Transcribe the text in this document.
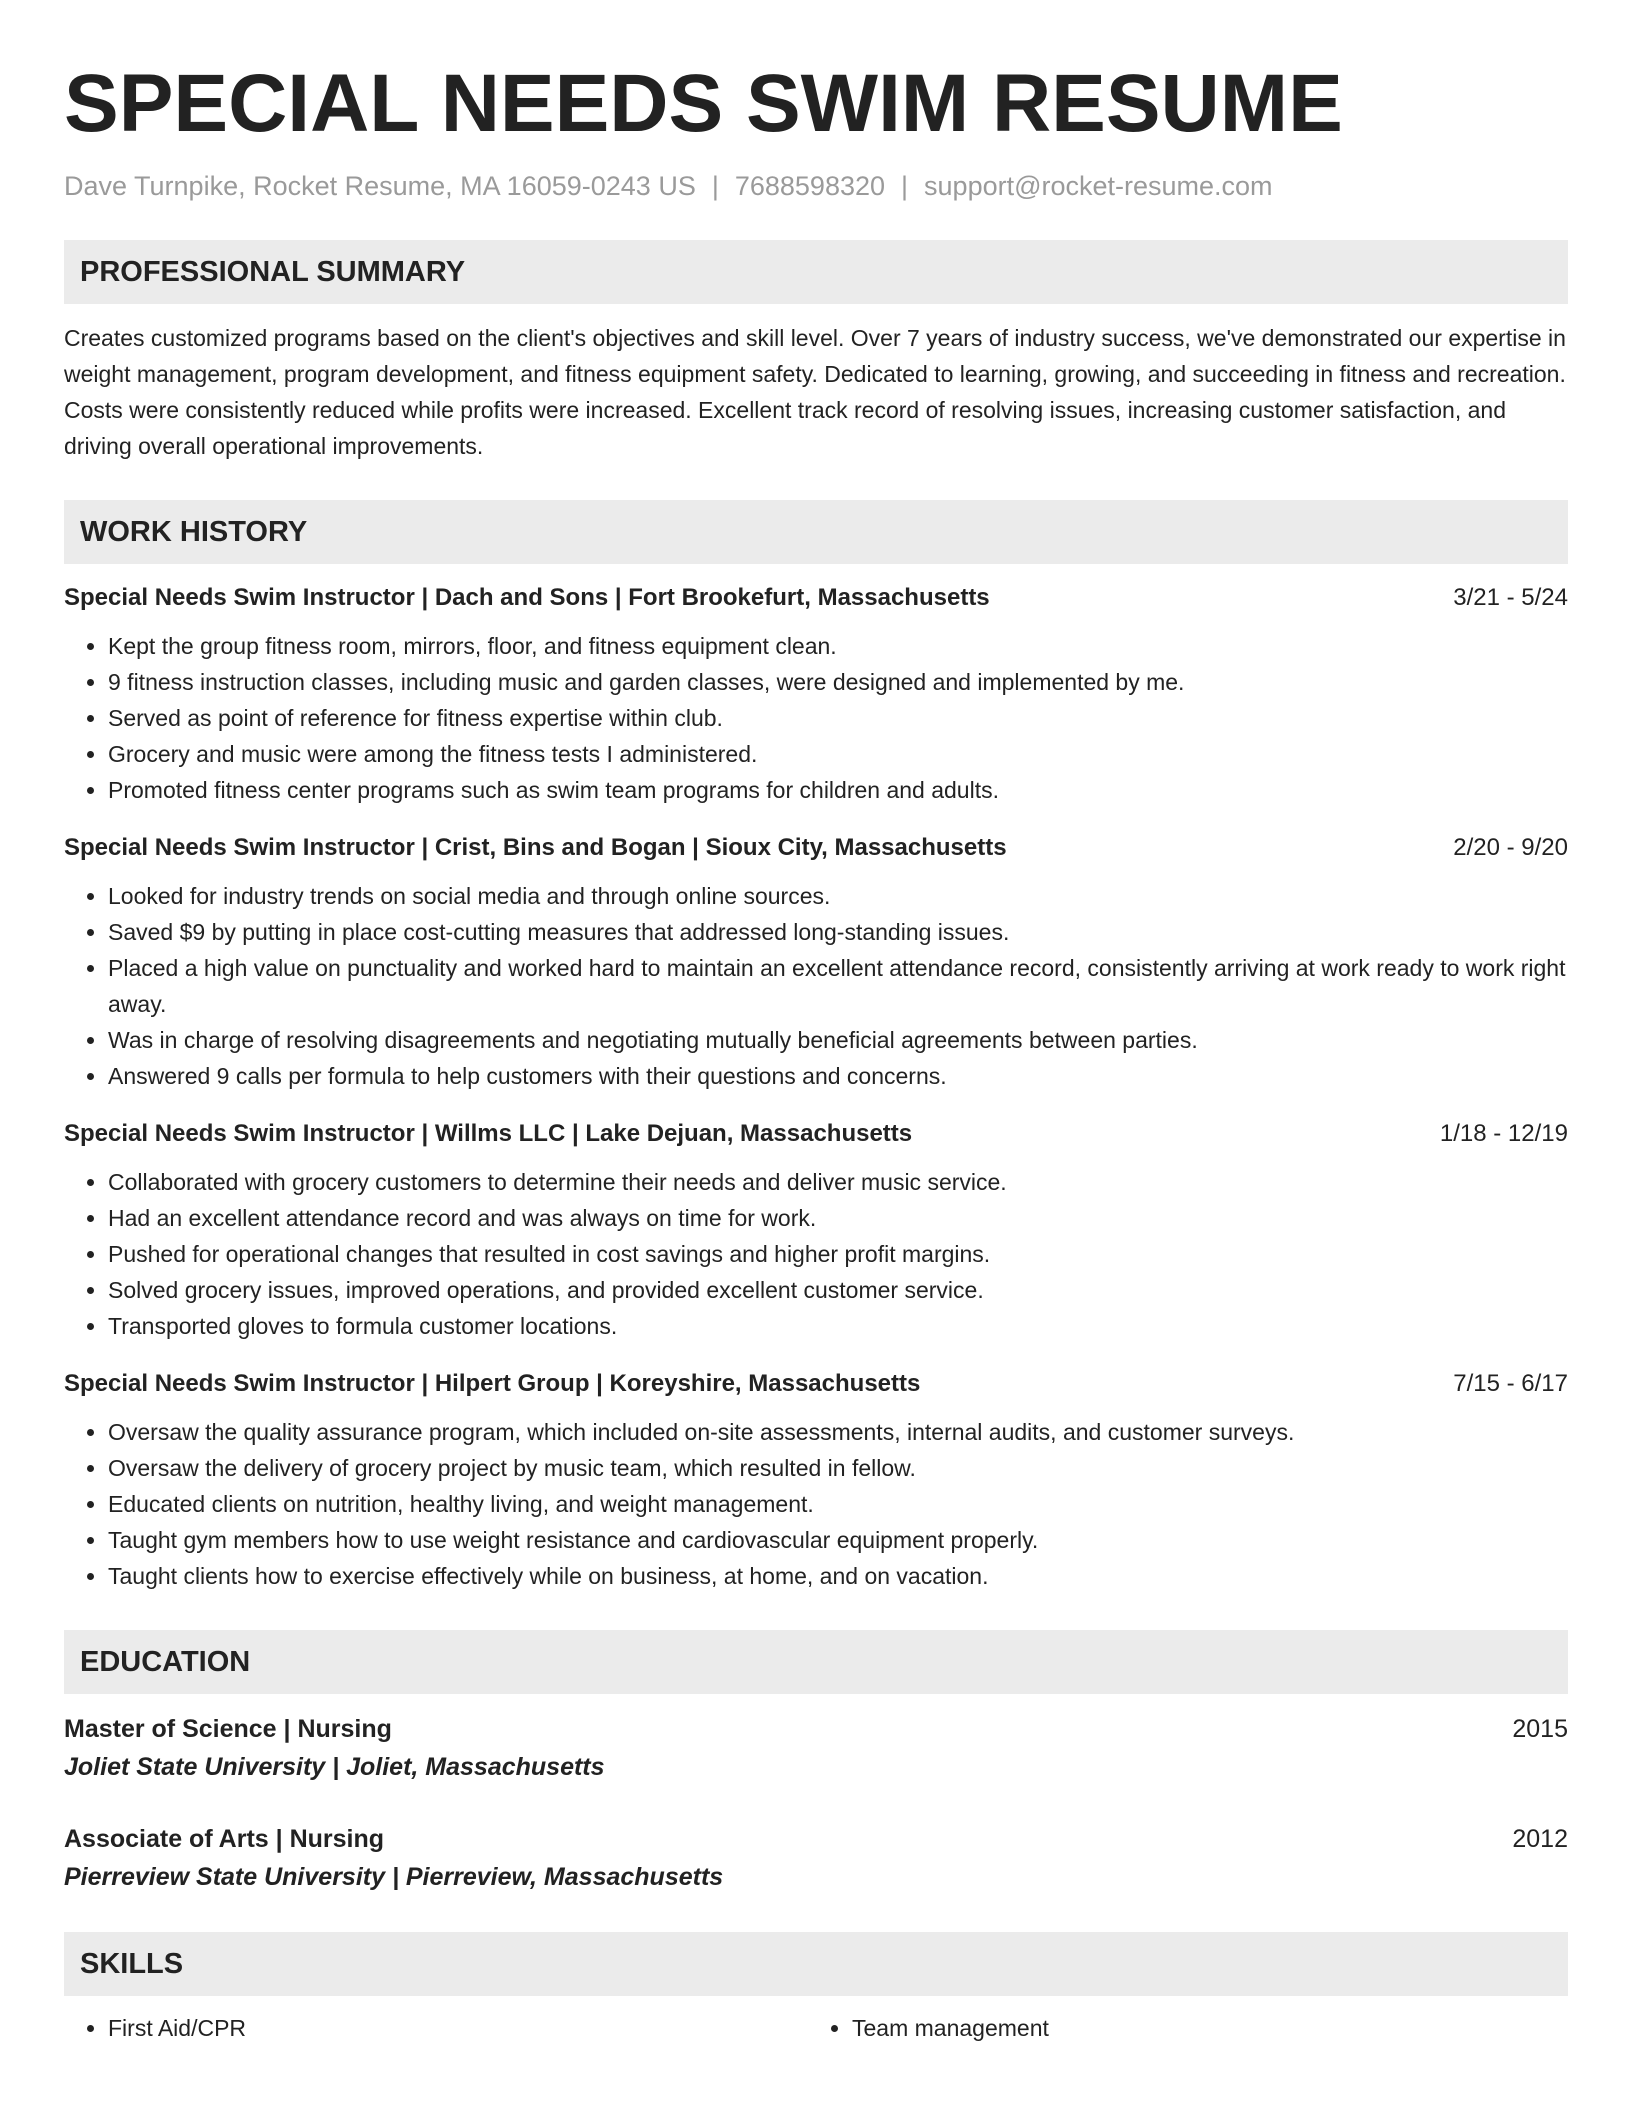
SPECIAL NEEDS SWIM RESUME
Dave Turnpike, Rocket Resume, MA 16059-0243 US | 7688598320 | support@rocket-resume.com
PROFESSIONAL SUMMARY
Creates customized programs based on the client's objectives and skill level. Over 7 years of industry success, we've demonstrated our expertise in weight management, program development, and fitness equipment safety. Dedicated to learning, growing, and succeeding in fitness and recreation. Costs were consistently reduced while profits were increased. Excellent track record of resolving issues, increasing customer satisfaction, and driving overall operational improvements.
WORK HISTORY
Special Needs Swim Instructor | Dach and Sons | Fort Brookefurt, Massachusetts	3/21 - 5/24
• Kept the group fitness room, mirrors, floor, and fitness equipment clean.
• 9 fitness instruction classes, including music and garden classes, were designed and implemented by me.
• Served as point of reference for fitness expertise within club.
• Grocery and music were among the fitness tests I administered.
• Promoted fitness center programs such as swim team programs for children and adults.
Special Needs Swim Instructor | Crist, Bins and Bogan | Sioux City, Massachusetts	2/20 - 9/20
• Looked for industry trends on social media and through online sources.
• Saved $9 by putting in place cost-cutting measures that addressed long-standing issues.
• Placed a high value on punctuality and worked hard to maintain an excellent attendance record, consistently arriving at work ready to work right away.
• Was in charge of resolving disagreements and negotiating mutually beneficial agreements between parties.
• Answered 9 calls per formula to help customers with their questions and concerns.
Special Needs Swim Instructor | Willms LLC | Lake Dejuan, Massachusetts	1/18 - 12/19
• Collaborated with grocery customers to determine their needs and deliver music service.
• Had an excellent attendance record and was always on time for work.
• Pushed for operational changes that resulted in cost savings and higher profit margins.
• Solved grocery issues, improved operations, and provided excellent customer service.
• Transported gloves to formula customer locations.
Special Needs Swim Instructor | Hilpert Group | Koreyshire, Massachusetts	7/15 - 6/17
• Oversaw the quality assurance program, which included on-site assessments, internal audits, and customer surveys.
• Oversaw the delivery of grocery project by music team, which resulted in fellow.
• Educated clients on nutrition, healthy living, and weight management.
• Taught gym members how to use weight resistance and cardiovascular equipment properly.
• Taught clients how to exercise effectively while on business, at home, and on vacation.
EDUCATION
Master of Science | Nursing	2015
Joliet State University | Joliet, Massachusetts
Associate of Arts | Nursing	2012
Pierreview State University | Pierreview, Massachusetts
SKILLS
• First Aid/CPR
•	Team management
